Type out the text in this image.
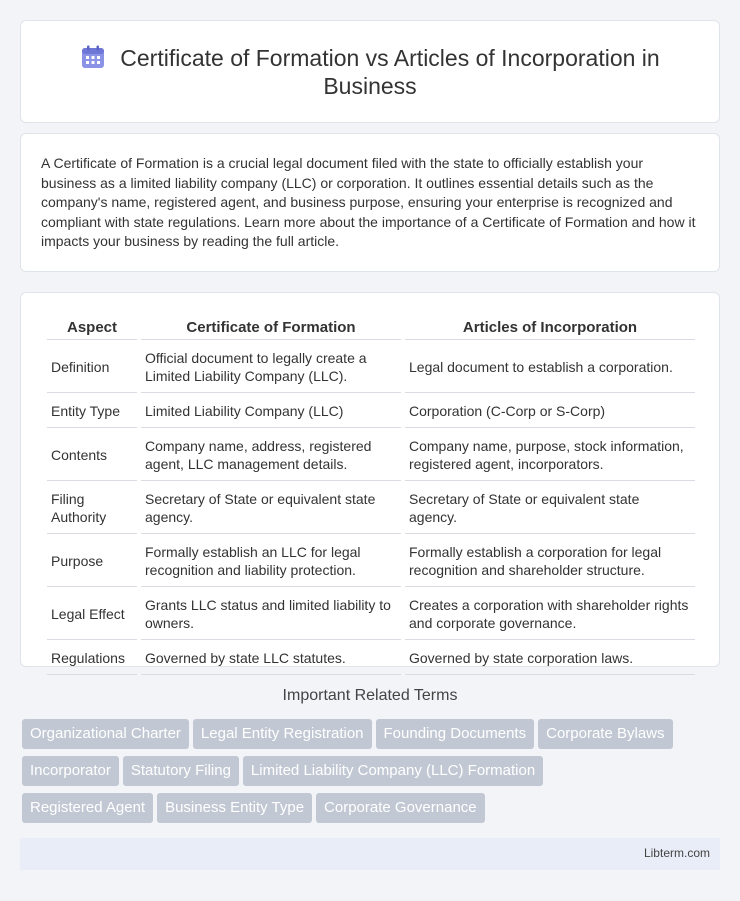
Certificate of Formation vs Articles of Incorporation in Business

A Certificate of Formation is a crucial legal document filed with the state to officially establish your business as a limited liability company (LLC) or corporation. It outlines essential details such as the company's name, registered agent, and business purpose, ensuring your enterprise is recognized and compliant with state regulations. Learn more about the importance of a Certificate of Formation and how it impacts your business by reading the full article.

Aspect	Certificate of Formation	Articles of Incorporation
Definition	Official document to legally create a Limited Liability Company (LLC).	Legal document to establish a corporation.
Entity Type	Limited Liability Company (LLC)	Corporation (C-Corp or S-Corp)
Contents	Company name, address, registered agent, LLC management details.	Company name, purpose, stock information, registered agent, incorporators.
Filing Authority	Secretary of State or equivalent state agency.	Secretary of State or equivalent state agency.
Purpose	Formally establish an LLC for legal recognition and liability protection.	Formally establish a corporation for legal recognition and shareholder structure.
Legal Effect	Grants LLC status and limited liability to owners.	Creates a corporation with shareholder rights and corporate governance.
Regulations	Governed by state LLC statutes.	Governed by state corporation laws.
Important Related Terms
Organizational Charter Legal Entity Registration Founding Documents Corporate Bylaws
Incorporator Statutory Filing Limited Liability Company (LLC) Formation
Registered Agent Business Entity Type Corporate Governance
Libterm.com
